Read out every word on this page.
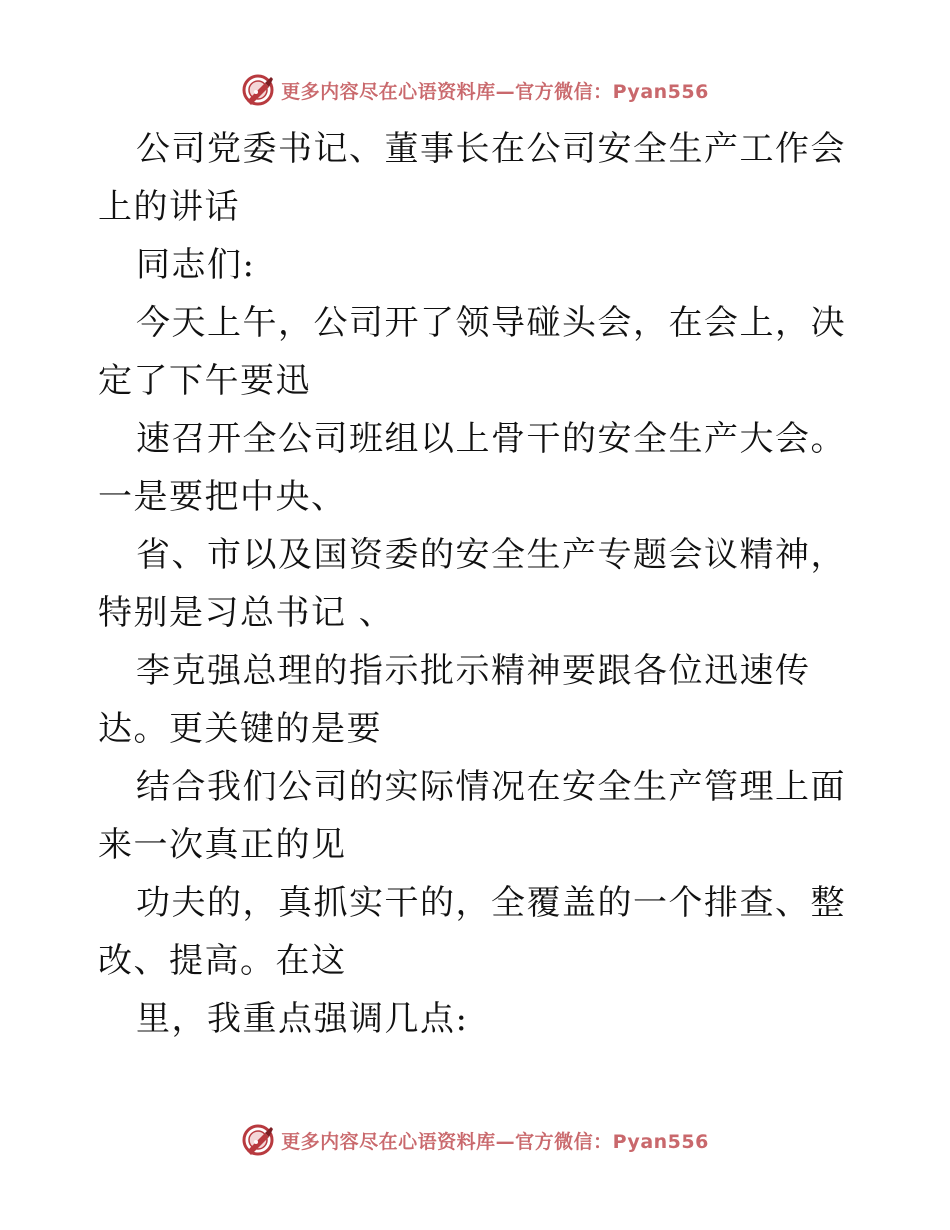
更多内容尽在心语资料库—官方微信：Pyan556

公司党委书记、董事长在公司安全生产工作会上的讲话

同志们:

今天上午，公司开了领导碰头会，在会上，决定了下午要迅

速召开全公司班组以上骨干的安全生产大会。一是要把中央、

省、市以及国资委的安全生产专题会议精神，特别是习总书记 、

李克强总理的指示批示精神要跟各位迅速传达。更关键的是要

结合我们公司的实际情况在安全生产管理上面来一次真正的见

功夫的，真抓实干的，全覆盖的一个排查、整改、提高。在这

里，我重点强调几点:

更多内容尽在心语资料库—官方微信：Pyan556
